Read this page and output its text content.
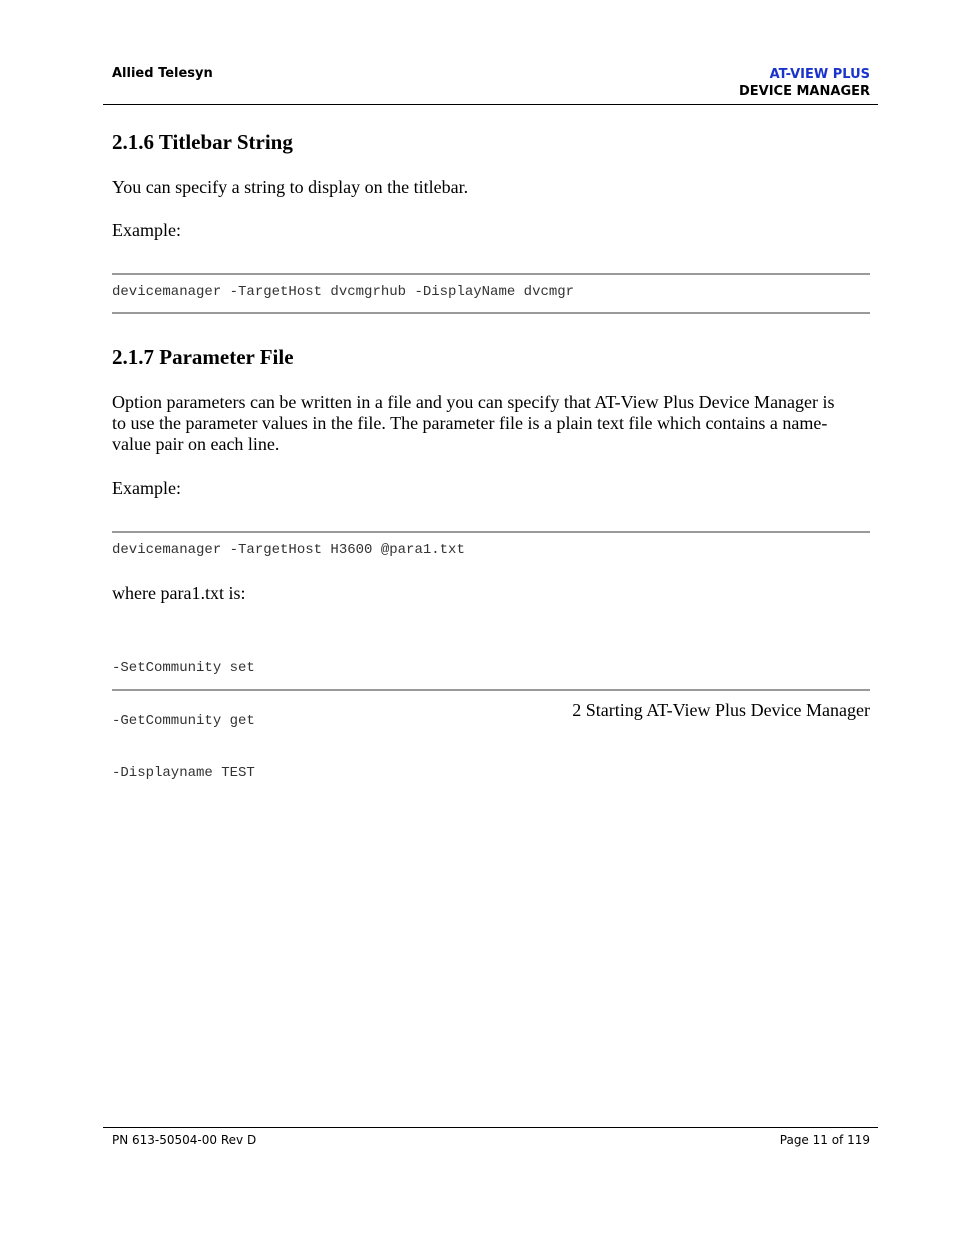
Allied Telesyn	AT-VIEW PLUS
DEVICE MANAGER
2.1.6 Titlebar String
You can specify a string to display on the titlebar.
Example:
devicemanager -TargetHost dvcmgrhub -DisplayName dvcmgr
2.1.7 Parameter File
Option parameters can be written in a file and you can specify that AT-View Plus Device Manager is
to use the parameter values in the file. The parameter file is a plain text file which contains a name-
value pair on each line.
Example:
devicemanager -TargetHost H3600 @para1.txt
where para1.txt is:

-SetCommunity set

-GetCommunity get

-Displayname TEST

2 Starting AT-View Plus Device Manager
PN 613-50504-00 Rev D	Page 11 of 119
